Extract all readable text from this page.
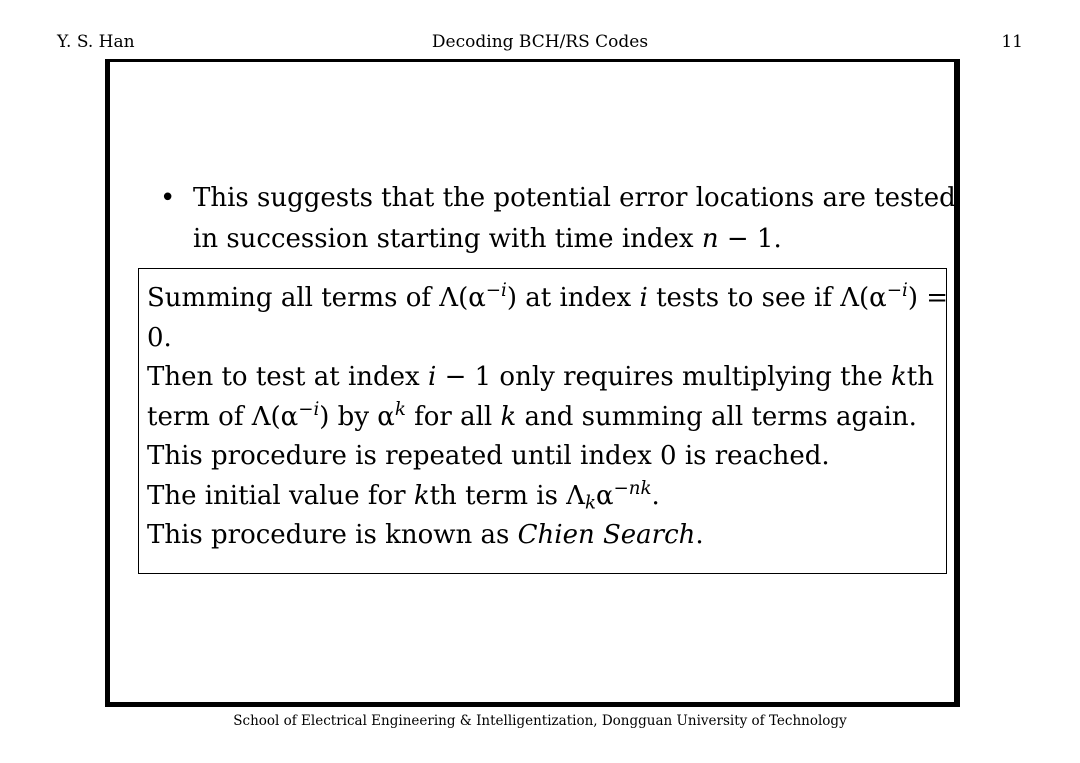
Y. S. Han	Decoding BCH/RS Codes	11
• This suggests that the potential error locations are tested
in succession starting with time index n − 1.
Summing all terms of $\Lambda(\alpha^{-i})$ at index i tests to see if $\Lambda(\alpha^{-i})$ =
0.
Then to test at index i − 1 only requires multiplying the kth
term of $\Lambda(\alpha^{-i})$ by $\alpha^k$ for all k and summing all terms again.
This procedure is repeated until index 0 is reached.
The initial value for kth term is $\Lambda_k\alpha^{-nk}$.
This procedure is known as Chien Search.
School of Electrical Engineering & Intelligentization, Dongguan University of Technology
